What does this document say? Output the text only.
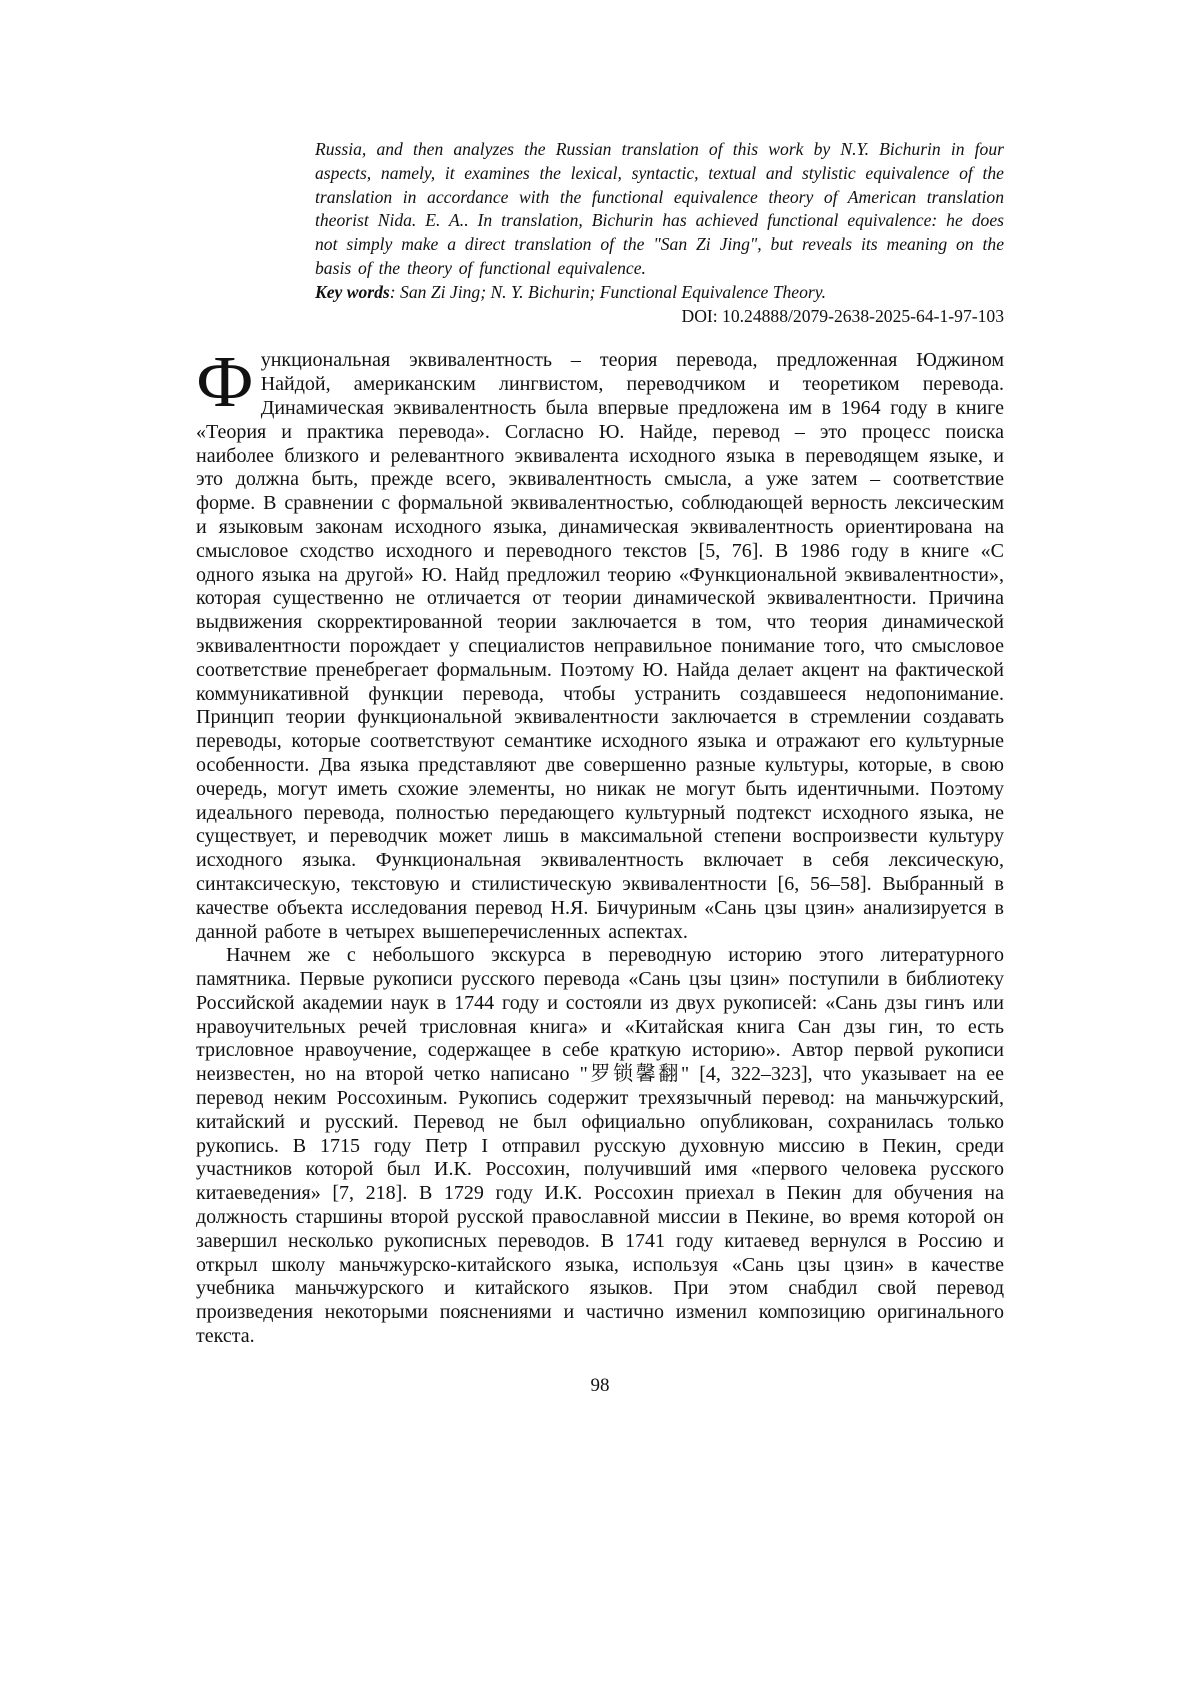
Russia, and then analyzes the Russian translation of this work by N.Y. Bichurin in four aspects, namely, it examines the lexical, syntactic, textual and stylistic equivalence of the translation in accordance with the functional equivalence theory of American translation theorist Nida. E. A.. In translation, Bichurin has achieved functional equivalence: he does not simply make a direct translation of the "San Zi Jing", but reveals its meaning on the basis of the theory of functional equivalence.

Key words: San Zi Jing; N. Y. Bichurin; Functional Equivalence Theory.

DOI: 10.24888/2079-2638-2025-64-1-97-103

Функциональная эквивалентность – теория перевода, предложенная Юджином Найдой, американским лингвистом, переводчиком и теоретиком перевода. Динамическая эквивалентность была впервые предложена им в 1964 году в книге «Теория и практика перевода». Согласно Ю. Найде, перевод – это процесс поиска наиболее близкого и релевантного эквивалента исходного языка в переводящем языке, и это должна быть, прежде всего, эквивалентность смысла, а уже затем – соответствие форме. В сравнении с формальной эквивалентностью, соблюдающей верность лексическим и языковым законам исходного языка, динамическая эквивалентность ориентирована на смысловое сходство исходного и переводного текстов [5, 76]. В 1986 году в книге «С одного языка на другой» Ю. Найд предложил теорию «Функциональной эквивалентности», которая существенно не отличается от теории динамической эквивалентности. Причина выдвижения скорректированной теории заключается в том, что теория динамической эквивалентности порождает у специалистов неправильное понимание того, что смысловое соответствие пренебрегает формальным. Поэтому Ю. Найда делает акцент на фактической коммуникативной функции перевода, чтобы устранить создавшееся недопонимание. Принцип теории функциональной эквивалентности заключается в стремлении создавать переводы, которые соответствуют семантике исходного языка и отражают его культурные особенности. Два языка представляют две совершенно разные культуры, которые, в свою очередь, могут иметь схожие элементы, но никак не могут быть идентичными. Поэтому идеального перевода, полностью передающего культурный подтекст исходного языка, не существует, и переводчик может лишь в максимальной степени воспроизвести культуру исходного языка. Функциональная эквивалентность включает в себя лексическую, синтаксическую, текстовую и стилистическую эквивалентности [6, 56–58]. Выбранный в качестве объекта исследования перевод Н.Я. Бичуриным «Сань цзы цзин» анализируется в данной работе в четырех вышеперечисленных аспектах.

Начнем же с небольшого экскурса в переводную историю этого литературного памятника. Первые рукописи русского перевода «Сань цзы цзин» поступили в библиотеку Российской академии наук в 1744 году и состояли из двух рукописей: «Сань дзы гинъ или нравоучительных речей трисловная книга» и «Китайская книга Сан дзы гин, то есть трисловное нравоучение, содержащее в себе краткую историю». Автор первой рукописи неизвестен, но на второй четко написано "罗锁馨翻" [4, 322–323], что указывает на ее перевод неким Россохиным. Рукопись содержит трехязычный перевод: на маньчжурский, китайский и русский. Перевод не был официально опубликован, сохранилась только рукопись. В 1715 году Петр I отправил русскую духовную миссию в Пекин, среди участников которой был И.К. Россохин, получивший имя «первого человека русского китаеведения» [7, 218]. В 1729 году И.К. Россохин приехал в Пекин для обучения на должность старшины второй русской православной миссии в Пекине, во время которой он завершил несколько рукописных переводов. В 1741 году китаевед вернулся в Россию и открыл школу маньчжурско-китайского языка, используя «Сань цзы цзин» в качестве учебника маньчжурского и китайского языков. При этом снабдил свой перевод произведения некоторыми пояснениями и частично изменил композицию оригинального текста.

98
